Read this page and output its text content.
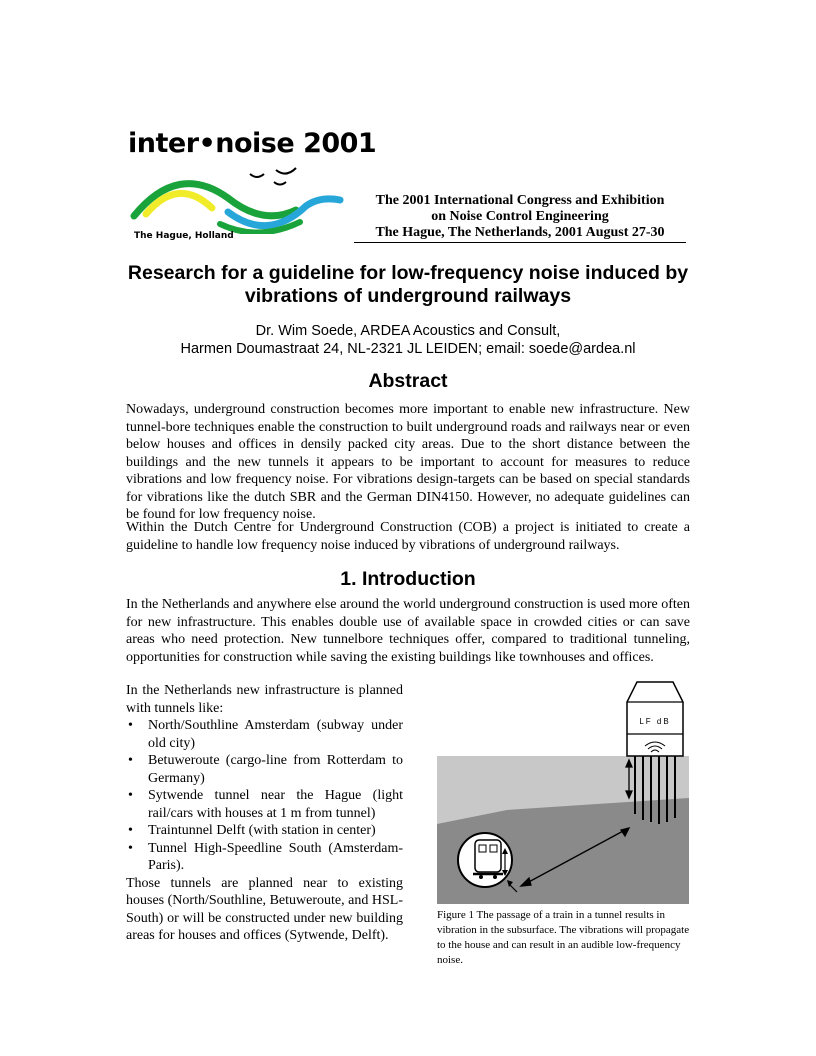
inter•noise 2001
The Hague, Holland
The 2001 International Congress and Exhibition
on Noise Control Engineering
The Hague, The Netherlands, 2001 August 27-30
Research for a guideline for low-frequency noise induced by vibrations of underground railways
Dr. Wim Soede, ARDEA Acoustics and Consult,
Harmen Doumastraat 24, NL-2321 JL LEIDEN; email: soede@ardea.nl
Abstract
Nowadays, underground construction becomes more important to enable new infrastructure. New tunnel-bore techniques enable the construction to built underground roads and railways near or even below houses and offices in densily packed city areas. Due to the short distance between the buildings and the new tunnels it appears to be important to account for measures to reduce vibrations and low frequency noise. For vibrations design-targets can be based on special standards for vibrations like the dutch SBR and the German DIN4150. However, no adequate guidelines can be found for low frequency noise.
Within the Dutch Centre for Underground Construction (COB) a project is initiated to create a guideline to handle low frequency noise induced by vibrations of underground railways.
1. Introduction
In the Netherlands and anywhere else around the world underground construction is used more often for new infrastructure. This enables double use of available space in crowded cities or can save areas who need protection. New tunnelbore techniques offer, compared to traditional tunneling, opportunities for construction while saving the existing buildings like townhouses and offices.

In the Netherlands new infrastructure is planned with tunnels like:

• North/Southline Amsterdam (subway under old city)
• Betuweroute (cargo-line from Rotterdam to Germany)
• Sytwende tunnel near the Hague (light rail/cars with houses at 1 m from tunnel)
• Traintunnel Delft (with station in center)
• Tunnel High-Speedline South (Amsterdam-Paris).

Those tunnels are planned near to existing houses (North/Southline, Betuweroute, and HSL-South) or will be constructed under new building areas for houses and offices (Sytwende, Delft).

LF dB
Figure 1 The passage of a train in a tunnel results in vibration in the subsurface. The vibrations will propagate to the house and can result in an audible low-frequency noise.
